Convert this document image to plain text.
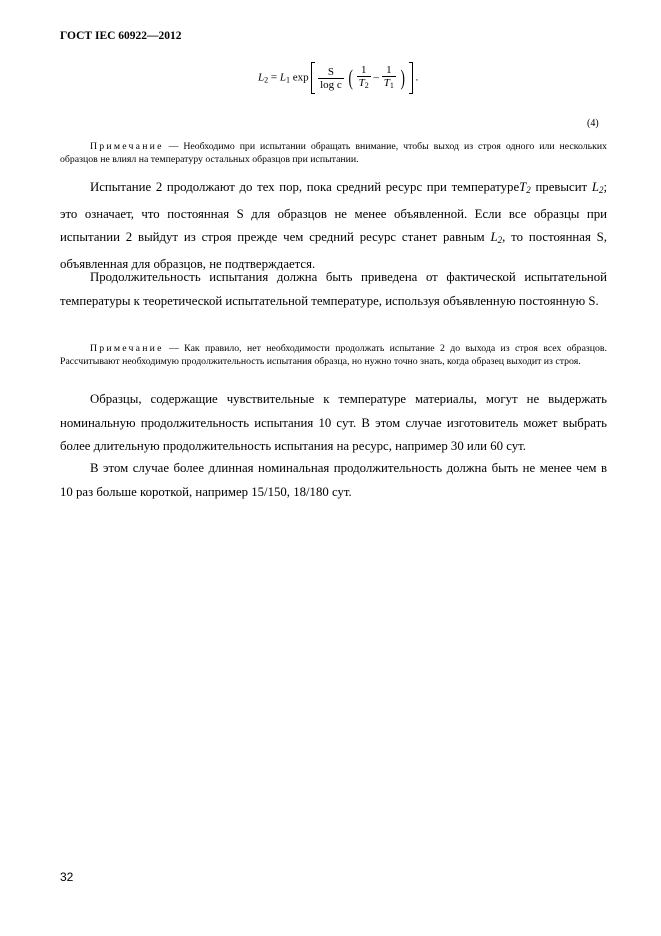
ГОСТ IEC 60922—2012
$L_2 = L_1$ $\exp \frac{S}{\text{log c}}$ ( $\frac{1}{T_2} - \frac{1}{T_1}$ ) .
(4)
Примечание — Необходимо при испытании обращать внимание, чтобы выход из строя одного или нескольких образцов не влиял на температуру остальных образцов при испытании.
Испытание 2 продолжают до тех пор, пока средний ресурс при температуреT$_2$ превысит $L_2$; это означает, что постоянная S для образцов не менее объявленной. Если все образцы при испытании 2 выйдут из строя прежде чем средний ресурс станет равным $L_2$, то постоянная S, объявленная для образцов, не подтверждается.
Продолжительность испытания должна быть приведена от фактической испытательной температуры к теоретической испытательной температуре, используя объявленную постоянную S.
Примечание — Как правило, нет необходимости продолжать испытание 2 до выхода из строя всех образцов. Рассчитывают необходимую продолжительность испытания образца, но нужно точно знать, когда образец выходит из строя.
Образцы, содержащие чувствительные к температуре материалы, могут не выдержать номинальную продолжительность испытания 10 сут. В этом случае изготовитель может выбрать более длительную продолжительность испытания на ресурс, например 30 или 60 сут.
В этом случае более длинная номинальная продолжительность должна быть не менее чем в 10 раз больше короткой, например 15/150, 18/180 сут.
32
